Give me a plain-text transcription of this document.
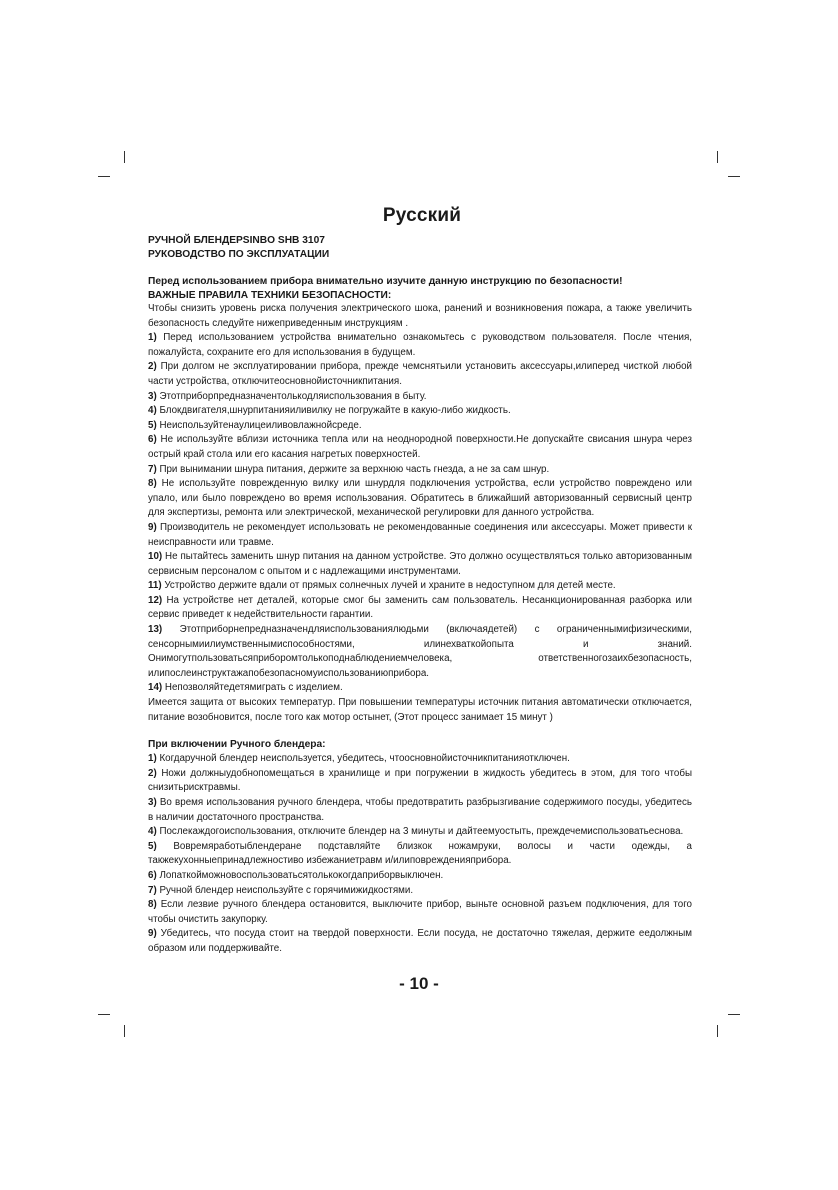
Русский

РУЧНОЙ БЛЕНДЕРSINBO SHB 3107

РУКОВОДСТВО ПО ЭКСПЛУАТАЦИИ

Перед использованием прибора внимательно изучите данную инструкцию по безопасности!

ВАЖНЫЕ ПРАВИЛА ТЕХНИКИ БЕЗОПАСНОСТИ:

Чтобы снизить уровень риска получения электрического шока, ранений и возникновения пожара, а также увеличить безопасность следуйте нижеприведенным инструкциям .

1) Перед использованием устройства внимательно ознакомьтесь с руководством пользователя. После чтения, пожалуйста, сохраните его для использования в будущем.

2) При долгом не эксплуатировании прибора, прежде чемснятьили установить аксессуары,илиперед чисткой любой части устройства, отключитеосновнойисточникпитания.

3) Этотприборпредназначентолькодляиспользования в быту.

4) Блокдвигателя,шнурпитанияиливилку не погружайте в какую-либо жидкость.

5) Неиспользуйтенаулицеиливовлажнойсреде.

6) Не используйте вблизи источника тепла или на неоднородной поверхности.Не допускайте свисания шнура через острый край стола или его касания нагретых поверхностей.

7) При вынимании шнура питания, держите за верхнюю часть гнезда, а не за сам шнур.

8) Не используйте поврежденную вилку или шнурдля подключения устройства, если устройство повреждено или упало, или было повреждено во время использования. Обратитесь в ближайший авторизованный сервисный центр для экспертизы, ремонта или электрической, механической регулировки для данного устройства.

9) Производитель не рекомендует использовать не рекомендованные соединения или аксессуары. Может привести к неисправности или травме.

10) Не пытайтесь заменить шнур питания на данном устройстве. Это должно осуществляться только авторизованным сервисным персоналом с опытом и с надлежащими инструментами.

11) Устройство держите вдали от прямых солнечных лучей и храните в недоступном для детей месте.

12) На устройстве нет деталей, которые смог бы заменить сам пользователь. Несанкционированная разборка или сервис приведет к недействительности гарантии.

13) Этотприборнепредназначендляиспользованиялюдьми (включаядетей) с ограниченнымифизическими, сенсорнымиилиумственнымиспособностями, илинехваткойопыта и знаний. Онимогутпользоватьсяприборомтолькоподнаблюдениемчеловека, ответственногозаихбезопасность, илипослеинструктажапобезопасномуиспользованиюприбора.

14) Непозволяйтедетямиграть с изделием.

Имеется защита от высоких температур. При повышении температуры источник питания автоматически отключается, питание возобновится, после того как мотор остынет, (Этот процесс занимает 15 минут )

При включении Ручного блендера:

1) Когдаручной блендер неиспользуется, убедитесь, чтоосновнойисточникпитанияотключен.

2) Ножи должныудобнопомещаться в хранилище и при погружении в жидкость убедитесь в этом, для того чтобы снизитьрисктравмы.

3) Во время использования ручного блендера, чтобы предотвратить разбрызгивание содержимого посуды, убедитесь в наличии достаточного пространства.

4) Послекаждогоиспользования, отключите блендер на 3 минуты и дайтеемуостыть, преждечемиспользоватьеснова.

5) Вовремяработыблендеране подставляйте близкок ножамруки, волосы и части одежды, а такжекухонныепринадлежностиво избежаниетравм и/илиповрежденияприбора.

6) Лопаткойможновоспользоватьсятолькокогдаприборвыключен.

7) Ручной блендер неиспользуйте с горячимижидкостями.

8) Если лезвие ручного блендера остановится, выключите прибор, выньте основной разъем подключения, для того чтобы очистить закупорку.

9) Убедитесь, что посуда стоит на твердой поверхности. Если посуда, не достаточно тяжелая, держите еедолжным образом или поддерживайте.

- 10 -
